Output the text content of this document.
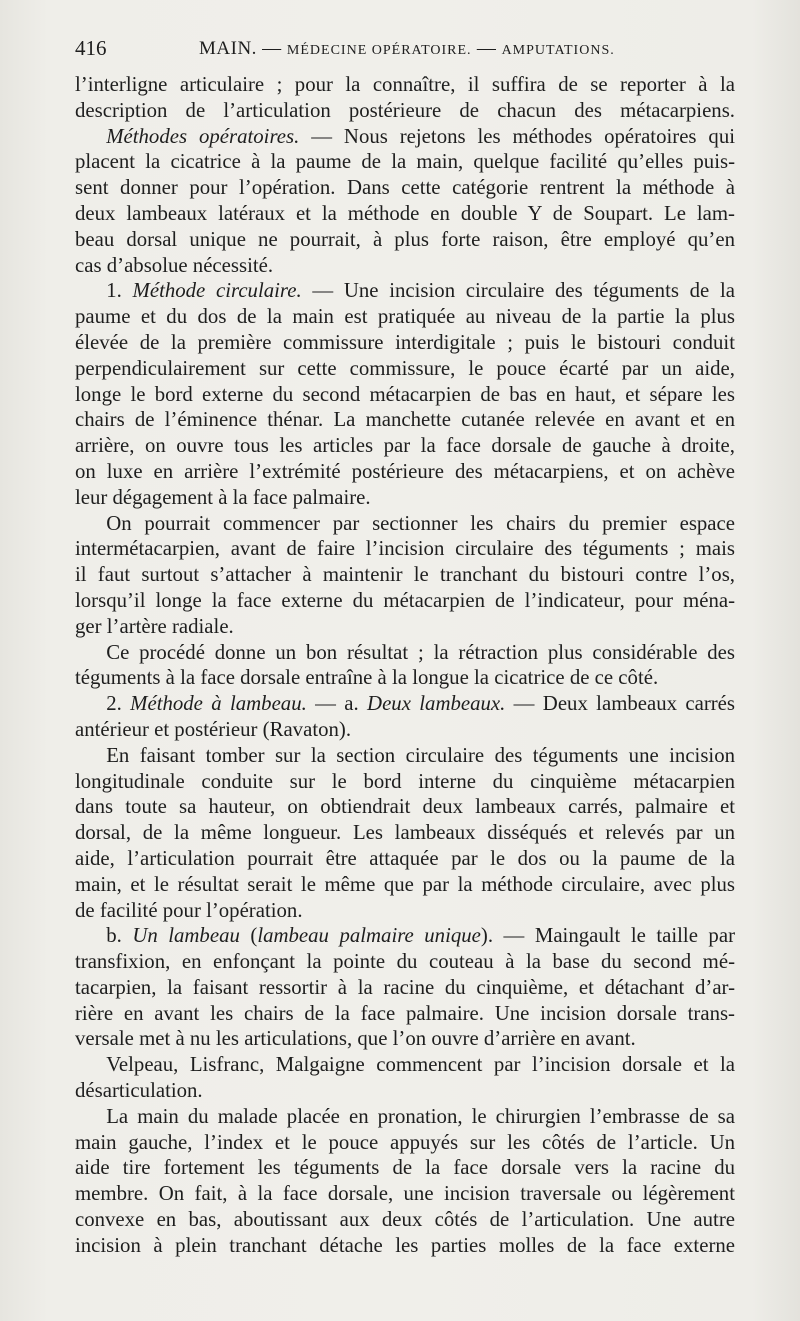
416	MAIN. — MÉDECINE OPÉRATOIRE. — AMPUTATIONS.
l’interligne articulaire ; pour la connaître, il suffira de se reporter à la
description de l’articulation postérieure de chacun des métacarpiens.
  Méthodes opératoires. — Nous rejetons les méthodes opératoires qui
placent la cicatrice à la paume de la main, quelque facilité qu’elles puis-
sent donner pour l’opération. Dans cette catégorie rentrent la méthode à
deux lambeaux latéraux et la méthode en double Y de Soupart. Le lam-
beau dorsal unique ne pourrait, à plus forte raison, être employé qu’en
cas d’absolue nécessité.
  1. Méthode circulaire. — Une incision circulaire des téguments de la
paume et du dos de la main est pratiquée au niveau de la partie la plus
élevée de la première commissure interdigitale ; puis le bistouri conduit
perpendiculairement sur cette commissure, le pouce écarté par un aide,
longe le bord externe du second métacarpien de bas en haut, et sépare les
chairs de l’éminence thénar. La manchette cutanée relevée en avant et en
arrière, on ouvre tous les articles par la face dorsale de gauche à droite,
on luxe en arrière l’extrémité postérieure des métacarpiens, et on achève
leur dégagement à la face palmaire.
  On pourrait commencer par sectionner les chairs du premier espace
intermétacarpien, avant de faire l’incision circulaire des téguments ; mais
il faut surtout s’attacher à maintenir le tranchant du bistouri contre l’os,
lorsqu’il longe la face externe du métacarpien de l’indicateur, pour ména-
ger l’artère radiale.
  Ce procédé donne un bon résultat ; la rétraction plus considérable des
téguments à la face dorsale entraîne à la longue la cicatrice de ce côté.
  2. Méthode à lambeau. — a. Deux lambeaux. — Deux lambeaux carrés
antérieur et postérieur (Ravaton).
  En faisant tomber sur la section circulaire des téguments une incision
longitudinale conduite sur le bord interne du cinquième métacarpien
dans toute sa hauteur, on obtiendrait deux lambeaux carrés, palmaire et
dorsal, de la même longueur. Les lambeaux disséqués et relevés par un
aide, l’articulation pourrait être attaquée par le dos ou la paume de la
main, et le résultat serait le même que par la méthode circulaire, avec plus
de facilité pour l’opération.
  b. Un lambeau (lambeau palmaire unique). — Maingault le taille par
transfixion, en enfonçant la pointe du couteau à la base du second mé-
tacarpien, la faisant ressortir à la racine du cinquième, et détachant d’ar-
rière en avant les chairs de la face palmaire. Une incision dorsale trans-
versale met à nu les articulations, que l’on ouvre d’arrière en avant.
  Velpeau, Lisfranc, Malgaigne commencent par l’incision dorsale et la
désarticulation.
  La main du malade placée en pronation, le chirurgien l’embrasse de sa
main gauche, l’index et le pouce appuyés sur les côtés de l’article. Un
aide tire fortement les téguments de la face dorsale vers la racine du
membre. On fait, à la face dorsale, une incision traversale ou légèrement
convexe en bas, aboutissant aux deux côtés de l’articulation. Une autre
incision à plein tranchant détache les parties molles de la face externe
